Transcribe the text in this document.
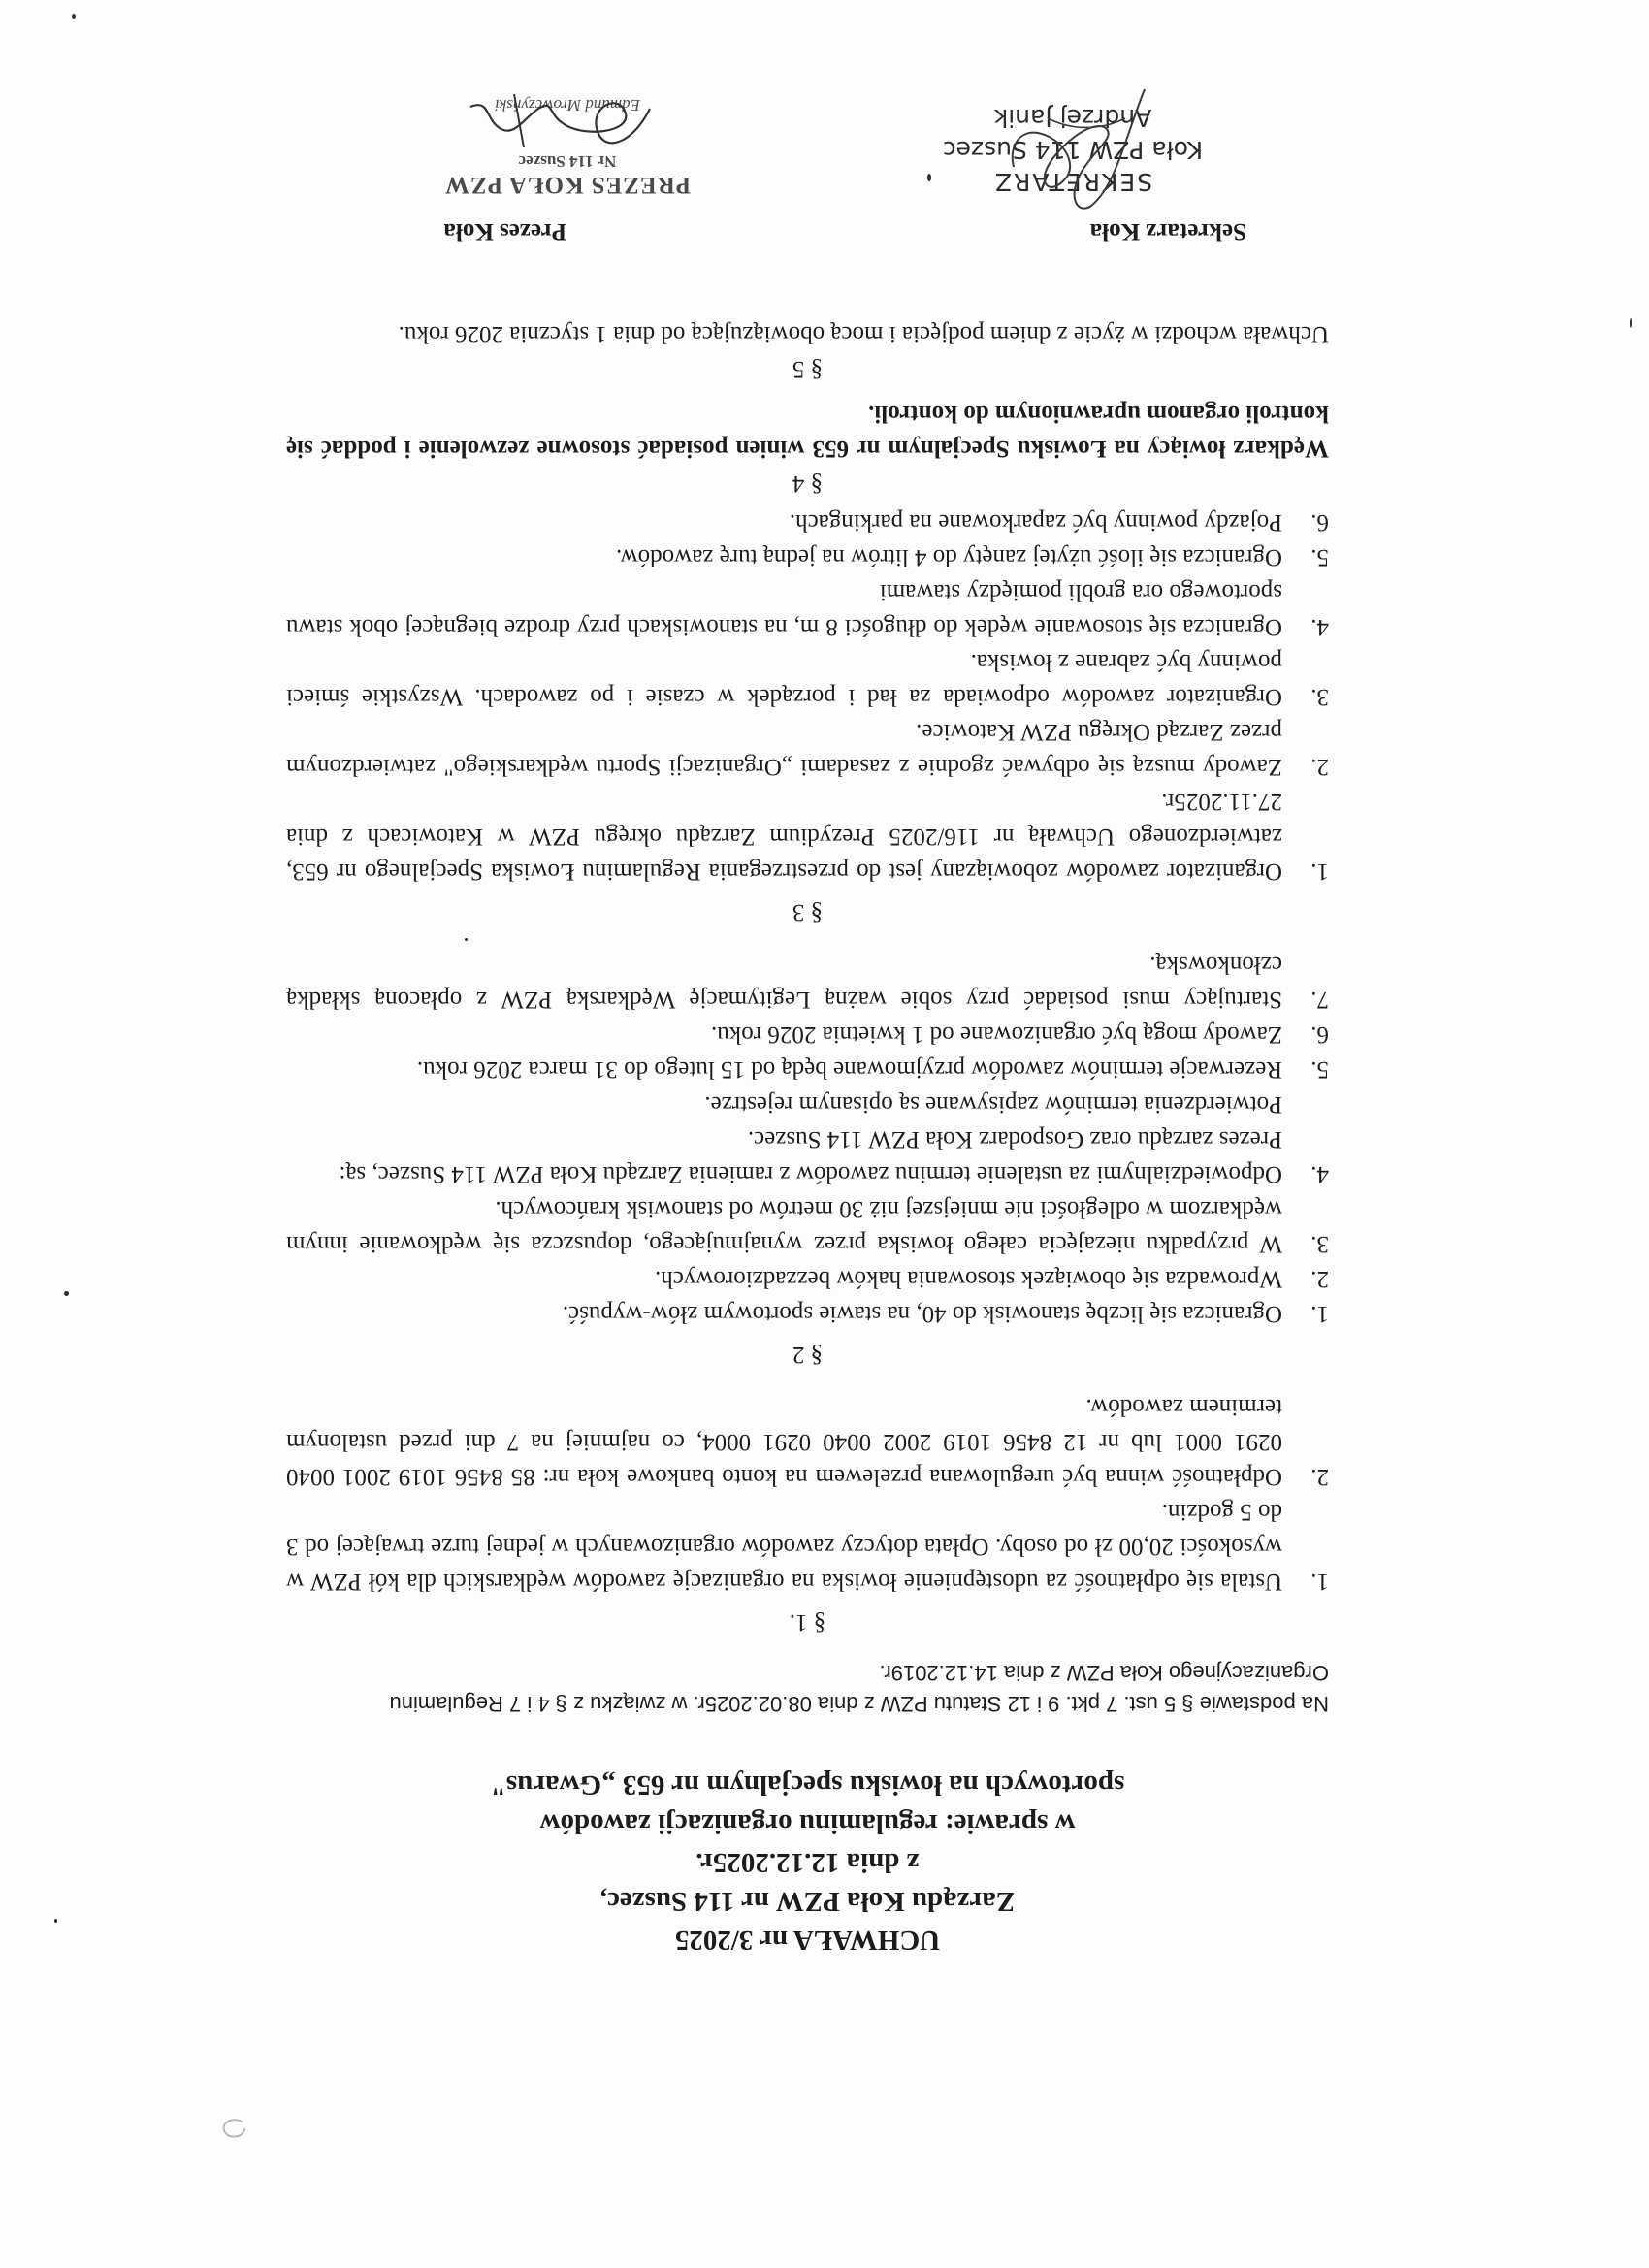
UCHWAŁA nr 3/2025
Zarządu Koła PZW nr 114 Suszec,
z dnia 12.12.2025r.
w sprawie: regulaminu organizacji zawodów
sportowych na łowisku specjalnym nr 653 „Gwarus"
Na podstawie § 5 ust. 7 pkt. 9 i 12 Statutu PZW z dnia 08.02.2025r. w związku z § 4 i 7 Regulaminu Organizacyjnego Koła PZW z dnia 14.12.2019r.
§ 1.
1.
Ustala się odpłatność za udostępnienie łowiska na organizację zawodów wędkarskich dla kół PZW w wysokości 20,00 zł od osoby. Opłata dotyczy zawodów organizowanych w jednej turze trwającej od 3 do 5 godzin.
2.
Odpłatność winna być uregulowana przelewem na konto bankowe koła nr: 85 8456 1019 2001 0040 0291 0001 lub nr 12 8456 1019 2002 0040 0291 0004, co najmniej na 7 dni przed ustalonym terminem zawodów.
§ 2
1.
Ogranicza się liczbę stanowisk do 40, na stawie sportowym złów-wypuść.
2.
Wprowadza się obowiązek stosowania haków bezzadziorowych.
3.
W przypadku niezajęcia całego łowiska przez wynajmującego, dopuszcza się wędkowanie innym wędkarzom w odległości nie mniejszej niż 30 metrów od stanowisk krańcowych.
4.
Odpowiedzialnymi za ustalenie terminu zawodów z ramienia Zarządu Koła PZW 114 Suszec, są:
Prezes zarządu oraz Gospodarz Koła PZW 114 Suszec.
Potwierdzenia terminów zapisywane są opisanym rejestrze.
5.
Rezerwacje terminów zawodów przyjmowane będą od 15 lutego do 31 marca 2026 roku.
6.
Zawody mogą być organizowane od 1 kwietnia 2026 roku.
7.
Startujący musi posiadać przy sobie ważną Legitymację Wędkarską PZW z opłaconą składką członkowską.
§ 3
1.
Organizator zawodów zobowiązany jest do przestrzegania Regulaminu Łowiska Specjalnego nr 653, zatwierdzonego Uchwałą nr 116/2025 Prezydium Zarządu okręgu PZW w Katowicach z dnia 27.11.2025r.
2.
Zawody muszą się odbywać zgodnie z zasadami „Organizacji Sportu wędkarskiego" zatwierdzonym przez Zarząd Okręgu PZW Katowice.
3.
Organizator zawodów odpowiada za ład i porządek w czasie i po zawodach. Wszystkie śmieci powinny być zabrane z łowiska.
4.
Ogranicza się stosowanie wędek do długości 8 m, na stanowiskach przy drodze biegnącej obok stawu sportowego ora grobli pomiędzy stawami
5.
Ogranicza się ilość użytej zanęty do 4 litrów na jedną turę zawodów.
6.
Pojazdy powinny być zaparkowane na parkingach.
§ 4
Wędkarz łowiący na Łowisku Specjalnym nr 653 winien posiadać stosowne zezwolenie i poddać się kontroli organom uprawnionym do kontroli.
§ 5
Uchwała wchodzi w życie z dniem podjęcia i mocą obowiązującą od dnia 1 stycznia 2026 roku.
Sekretarz Koła
Prezes Koła
SEKRETARZ
Koła PZW 114 Suszec
Andrzej Janik
PREZES KOŁA PZW
Nr 114 Suszec
Edmund Mrowczyński
